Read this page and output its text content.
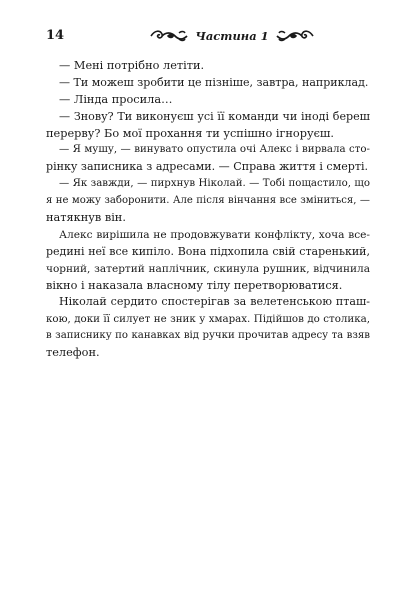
14	Частина 1
— Мені потрібно летіти.
— Ти можеш зробити це пізніше, завтра, наприклад.
— Лінда просила…
— Знову? Ти виконуєш усі її команди чи іноді береш
перерву? Бо мої прохання ти успішно ігноруєш.
— Я мушу, — винувато опустила очі Алекс і вирвала сто-
рінку записника з адресами. — Справа життя і смерті.
— Як завжди, — пирхнув Ніколай. — Тобі пощастило, що
я не можу заборонити. Але після вінчання все зміниться, —
натякнув він.
Алекс вирішила не продовжувати конфлікту, хоча все-
редині неї все кипіло. Вона підхопила свій старенький,
чорний, затертий наплічник, скинула рушник, відчинила
вікно і наказала власному тілу перетворюватися.
Ніколай сердито спостерігав за велетенською пташ-
кою, доки її силует не зник у хмарах. Підійшов до столика,
в записнику по канавках від ручки прочитав адресу та взяв
телефон.
